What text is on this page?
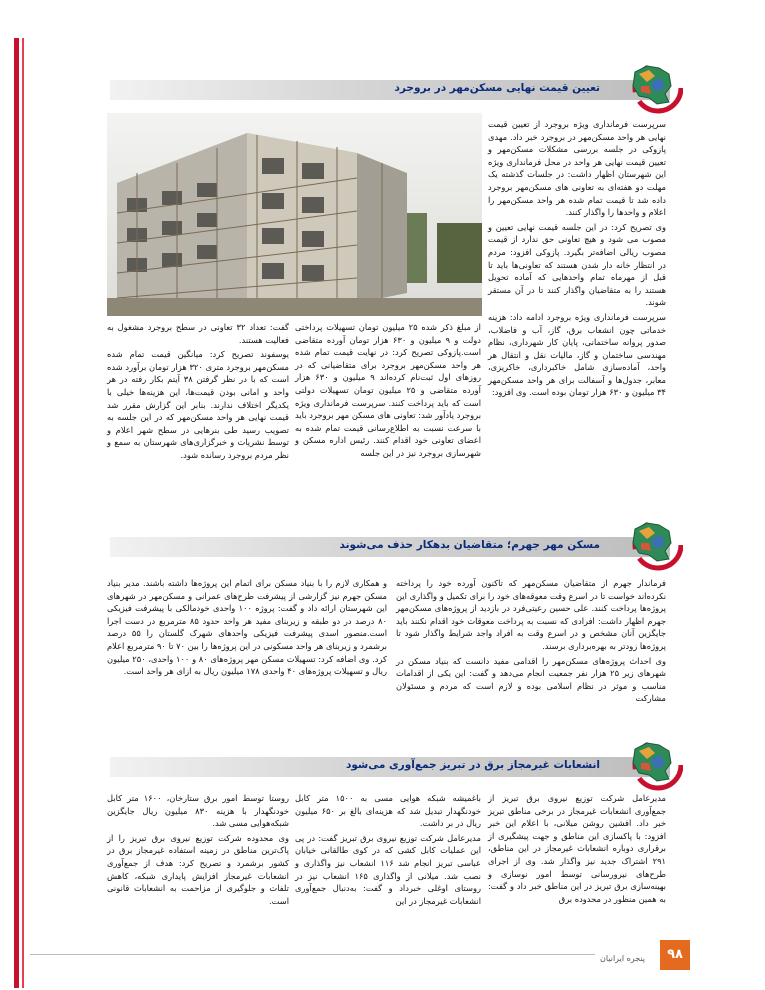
تعیین قیمت نهایی مسکن‌مهر در بروجرد

سرپرست فرمانداری ویژه بروجرد از تعیین قیمت نهایی هر واحد مسکن‌مهر در بروجرد خبر داد. مهدی پازوکی در جلسه بررسی مشکلات مسکن‌مهر و تعیین قیمت نهایی هر واحد در محل فرمانداری ویژه این شهرستان اظهار داشت: در جلسات گذشته یک مهلت دو هفته‌ای به تعاونی های مسکن‌مهر بروجرد داده شد تا قیمت تمام شده هر واحد مسکن‌مهر را اعلام و واحدها را واگذار کنند.

وی تصریح کرد: در این جلسه قیمت نهایی تعیین و مصوب می شود و هیچ تعاونی حق ندارد از قیمت مصوب ریالی اضافه‌تر بگیرد. پازوکی افزود: مردم در انتظار خانه دار شدن هستند که تعاونی‌ها باید تا قبل از مهرماه تمام واحدهایی که آماده تحویل هستند را به متقاضیان واگذار کنند تا در آن مستقر شوند.

سرپرست فرمانداری ویژه بروجرد ادامه داد: هزینه خدماتی چون انشعاب برق، گاز، آب و فاضلاب، صدور پروانه ساختمانی، پایان کار شهرداری، نظام مهندسی ساختمان و گاز، مالیات نقل و انتقال هر واحد، آماده‌سازی شامل خاکبرداری، خاکریزی، معابر، جدول‌ها و آسفالت برای هر واحد مسکن‌مهر ۳۴ میلیون و ۶۳۰ هزار تومان بوده است. وی افزود:

از مبلغ ذکر شده ۲۵ میلیون تومان تسهیلات پرداختی دولت و ۹ میلیون و ۶۳۰ هزار تومان آورده متقاضی است.پازوکی تصریح کرد: در نهایت قیمت تمام شده هر واحد مسکن‌مهر بروجرد برای متقاضیانی که در روزهای اول ثبت‌نام کرده‌اند ۹ میلیون و ۶۳۰ هزار آورده متقاضی و ۲۵ میلیون تومان تسهیلات دولتی است که باید پرداخت کنند. سرپرست فرمانداری ویژه بروجرد یادآور شد: تعاونی های مسکن مهر بروجرد باید با سرعت نسبت به اطلاع‌رسانی قیمت تمام شده به اعضای تعاونی خود اقدام کنند. رئیس اداره مسکن و شهرسازی بروجرد نیز در این جلسه

گفت: تعداد ۳۲ تعاونی در سطح بروجرد مشغول به فعالیت هستند.

یوسفوند تصریح کرد: میانگین قیمت تمام شده مسکن‌مهر بروجرد متری ۳۲۰ هزار تومان برآورد شده است که با در نظر گرفتن ۳۸ آیتم بکار رفته در هر واحد و امانی بودن قیمت‌ها، این هزینه‌ها خیلی با یکدیگر اختلاف ندارند. بنابر این گزارش مقرر شد قیمت نهایی هر واحد مسکن‌مهر که در این جلسه به تصویب رسید طی بنرهایی در سطح شهر اعلام و توسط نشریات و خبرگزاری‌های شهرستان به سمع و نظر مردم بروجرد رسانده شود.

مسکن مهر جهرم؛ متقاضیان بدهکار حذف می‌شوند

فرماندار جهرم از متقاضیان مسکن‌مهر که تاکنون آورده خود را پرداخته نکرده‌اند خواست تا در اسرع وقت معوقه‌های خود را برای تکمیل و واگذاری این پروژه‌ها پرداخت کنند. علی حسین رعیتی‌فرد در بازدید از پروژه‌های مسکن‌مهر جهرم اظهار داشت: افرادی که نسبت به پرداخت معوقات خود اقدام نکنند باید جایگزین آنان مشخص و در اسرع وقت به افراد واجد شرایط واگذار شود تا پروژه‌ها زودتر به بهره‌برداری برسند.

وی احداث پروژه‌های مسکن‌مهر را اقدامی مفید دانست که بنیاد مسکن در شهرهای زیر ۲۵ هزار نفر جمعیت انجام می‌دهد و گفت: این یکی از اقدامات مناسب و موثر در نظام اسلامی بوده و لازم است که مردم و مسئولان مشارکت

و همکاری لازم را با بنیاد مسکن برای اتمام این پروژه‌ها داشته باشند. مدیر بنیاد مسکن جهرم نیز گزارشی از پیشرفت طرح‌های عمرانی و مسکن‌مهر در شهرهای این شهرستان ارائه داد و گفت: پروژه ۱۰۰ واحدی خودمالکی با پیشرفت فیزیکی ۸۰ درصد در دو طبقه و زیربنای مفید هر واحد حدود ۸۵ مترمربع در دست اجرا است.منصور اسدی پیشرفت فیزیکی واحدهای شهرک گلستان را ۵۵ درصد برشمرد و زیربنای هر واحد مسکونی در این پروژه‌ها را بین ۷۰ تا ۹۰ مترمربع اعلام کرد. وی اضافه کرد: تسهیلات مسکن مهر پروژه‌های ۸۰ و ۱۰۰ واحدی، ۲۵۰ میلیون ریال و تسهیلات پروژه‌های ۴۰ واحدی ۱۷۸ میلیون ریال به ازای هر واحد است.

انشعابات غیرمجاز برق در تبریز جمع‌آوری می‌شود

مدیرعامل شرکت توزیع نیروی برق تبریز از جمع‌آوری انشعابات غیرمجاز در برخی مناطق تبریز خبر داد. افشین روشن میلانی، با اعلام این خبر افزود: با پاکسازی این مناطق و جهت پیشگیری از برقراری دوباره انشعابات غیرمجاز در این مناطق، ۲۹۱ اشتراک جدید نیز واگذار شد. وی از اجرای طرح‌های نیرورسانی توسط امور نوسازی و بهینه‌سازی برق تبریز در این مناطق خبر داد و گفت: به همین منظور در محدوده برق

باغمیشه شبکه هوایی مسی به ۱۵۰۰ متر کابل خودنگهدار تبدیل شد که هزینه‌ای بالغ بر ۶۵۰ میلیون ریال در بر داشت.

مدیرعامل شرکت توزیع نیروی برق تبریز گفت: در پی این عملیات کابل کشی که در کوی طالقانی خیابان عباسی تبریز انجام شد ۱۱۶ انشعاب نیز واگذاری و نصب شد. میلانی از واگذاری ۱۶۵ انشعاب نیز در روستای اوغلی خبرداد و گفت: به‌دنبال جمع‌آوری انشعابات غیرمجاز در این

روستا توسط امور برق ستارخان، ۱۶۰۰ متر کابل خودنگهدار با هزینه ۸۳۰ میلیون ریال جایگزین شبکه‌هوایی مسی شد.

وی محدوده شرکت توزیع نیروی برق تبریز را از پاک‌ترین مناطق در زمینه استفاده غیرمجاز برق در کشور برشمرد و تصریح کرد: هدف از جمع‌آوری انشعابات غیرمجاز افزایش پایداری شبکه، کاهش تلفات و جلوگیری از مزاحمت به انشعابات قانونی است.

پنجره ایرانیان	۹۸
